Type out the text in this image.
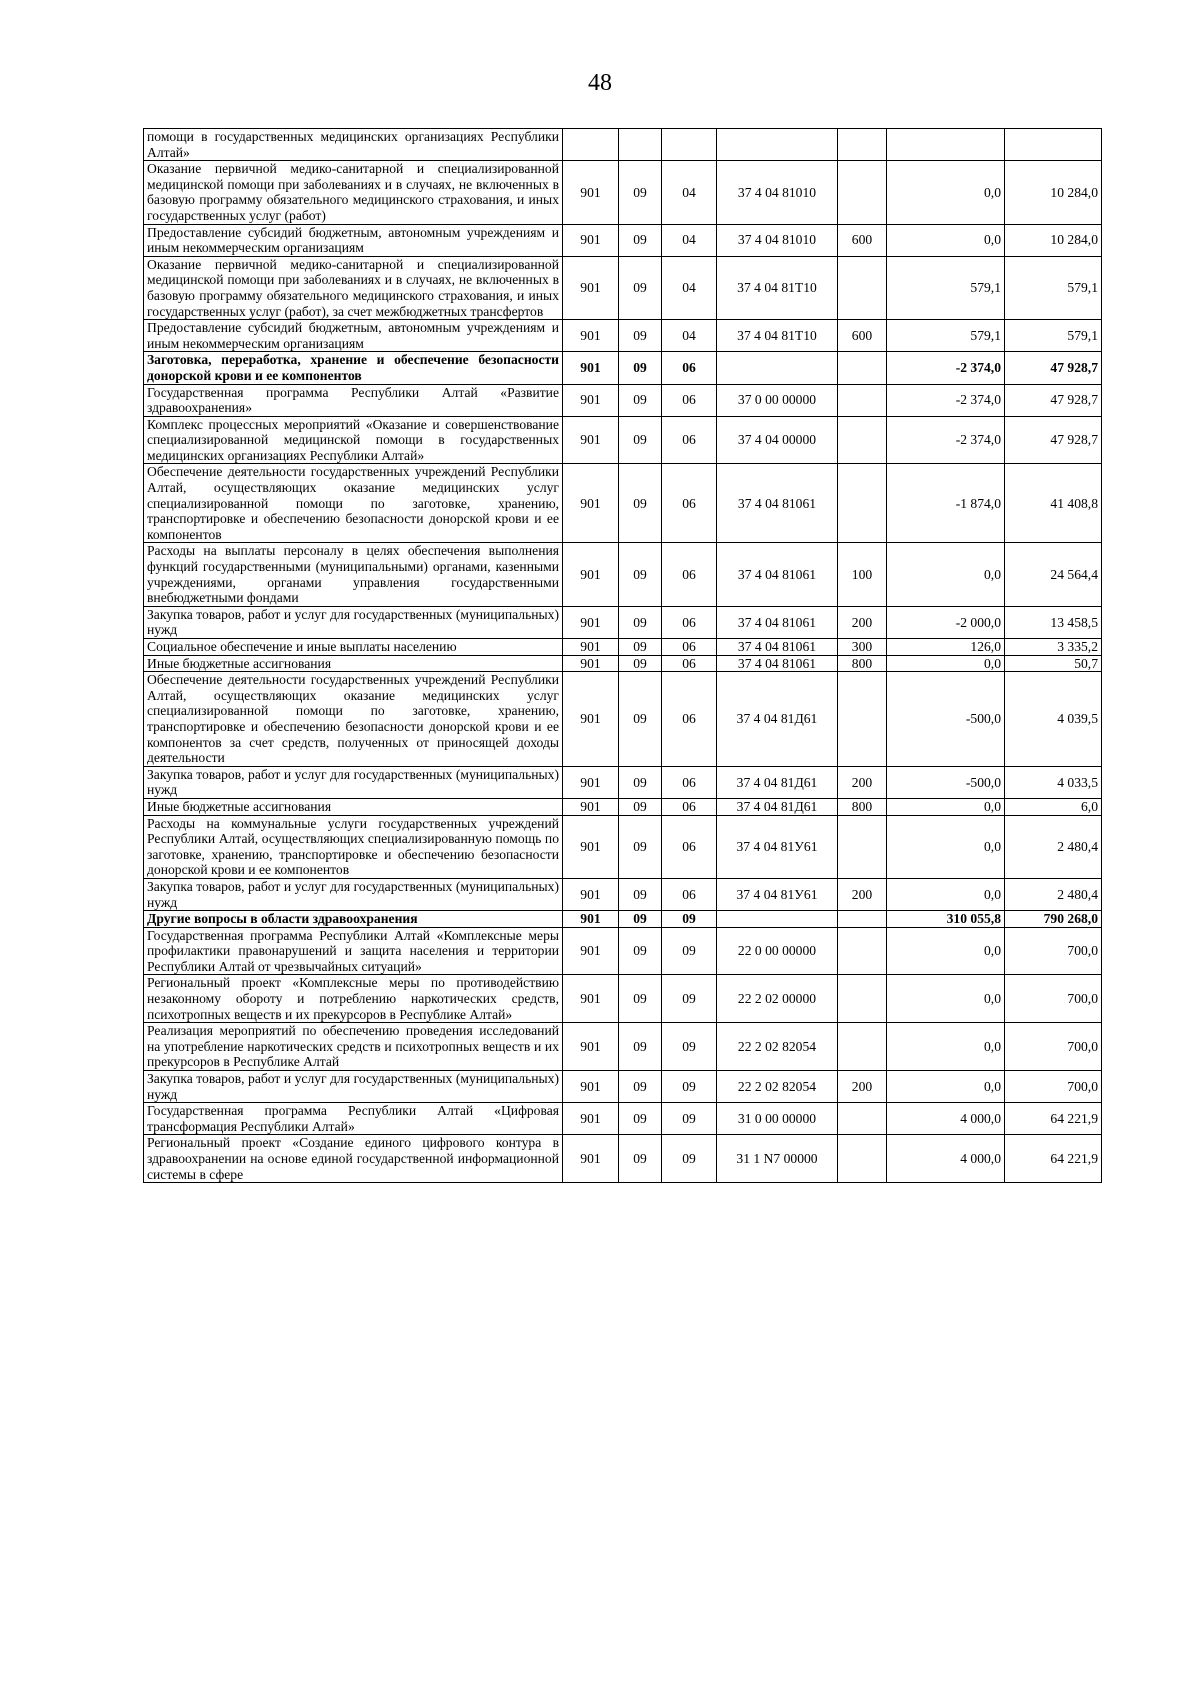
48
помощи в государственных медицинских организациях Республики Алтай»							
Оказание первичной медико-санитарной и специализированной медицинской помощи при заболеваниях и в случаях, не включенных в базовую программу обязательного медицинского страхования, и иных государственных услуг (работ)	901	09	04	37 4 04 81010		0,0	10 284,0
Предоставление субсидий бюджетным, автономным учреждениям и иным некоммерческим организациям	901	09	04	37 4 04 81010	600	0,0	10 284,0
Оказание первичной медико-санитарной и специализированной медицинской помощи при заболеваниях и в случаях, не включенных в базовую программу обязательного медицинского страхования, и иных государственных услуг (работ), за счет межбюджетных трансфертов	901	09	04	37 4 04 81Т10		579,1	579,1
Предоставление субсидий бюджетным, автономным учреждениям и иным некоммерческим организациям	901	09	04	37 4 04 81Т10	600	579,1	579,1
Заготовка, переработка, хранение и обеспечение безопасности донорской крови и ее компонентов	901	09	06			-2 374,0	47 928,7
Государственная программа Республики Алтай «Развитие здравоохранения»	901	09	06	37 0 00 00000		-2 374,0	47 928,7
Комплекс процессных мероприятий «Оказание и совершенствование специализированной медицинской помощи в государственных медицинских организациях Республики Алтай»	901	09	06	37 4 04 00000		-2 374,0	47 928,7
Обеспечение деятельности государственных учреждений Республики Алтай, осуществляющих оказание медицинских услуг специализированной помощи по заготовке, хранению, транспортировке и обеспечению безопасности донорской крови и ее компонентов	901	09	06	37 4 04 81061		-1 874,0	41 408,8
Расходы на выплаты персоналу в целях обеспечения выполнения функций государственными (муниципальными) органами, казенными учреждениями, органами управления государственными внебюджетными фондами	901	09	06	37 4 04 81061	100	0,0	24 564,4
Закупка товаров, работ и услуг для государственных (муниципальных) нужд	901	09	06	37 4 04 81061	200	-2 000,0	13 458,5
Социальное обеспечение и иные выплаты населению	901	09	06	37 4 04 81061	300	126,0	3 335,2
Иные бюджетные ассигнования	901	09	06	37 4 04 81061	800	0,0	50,7
Обеспечение деятельности государственных учреждений Республики Алтай, осуществляющих оказание медицинских услуг специализированной помощи по заготовке, хранению, транспортировке и обеспечению безопасности донорской крови и ее компонентов за счет средств, полученных от приносящей доходы деятельности	901	09	06	37 4 04 81Д61		-500,0	4 039,5
Закупка товаров, работ и услуг для государственных (муниципальных) нужд	901	09	06	37 4 04 81Д61	200	-500,0	4 033,5
Иные бюджетные ассигнования	901	09	06	37 4 04 81Д61	800	0,0	6,0
Расходы на коммунальные услуги государственных учреждений Республики Алтай, осуществляющих специализированную помощь по заготовке, хранению, транспортировке и обеспечению безопасности донорской крови и ее компонентов	901	09	06	37 4 04 81У61		0,0	2 480,4
Закупка товаров, работ и услуг для государственных (муниципальных) нужд	901	09	06	37 4 04 81У61	200	0,0	2 480,4
Другие вопросы в области здравоохранения	901	09	09			310 055,8	790 268,0
Государственная программа Республики Алтай «Комплексные меры профилактики правонарушений и защита населения и территории Республики Алтай от чрезвычайных ситуаций»	901	09	09	22 0 00 00000		0,0	700,0
Региональный проект «Комплексные меры по противодействию незаконному обороту и потреблению наркотических средств, психотропных веществ и их прекурсоров в Республике Алтай»	901	09	09	22 2 02 00000		0,0	700,0
Реализация мероприятий по обеспечению проведения исследований на употребление наркотических средств и психотропных веществ и их прекурсоров в Республике Алтай	901	09	09	22 2 02 82054		0,0	700,0
Закупка товаров, работ и услуг для государственных (муниципальных) нужд	901	09	09	22 2 02 82054	200	0,0	700,0
Государственная программа Республики Алтай «Цифровая трансформация Республики Алтай»	901	09	09	31 0 00 00000		4 000,0	64 221,9
Региональный проект «Создание единого цифрового контура в здравоохранении на основе единой государственной информационной системы в сфере	901	09	09	31 1 N7 00000		4 000,0	64 221,9
